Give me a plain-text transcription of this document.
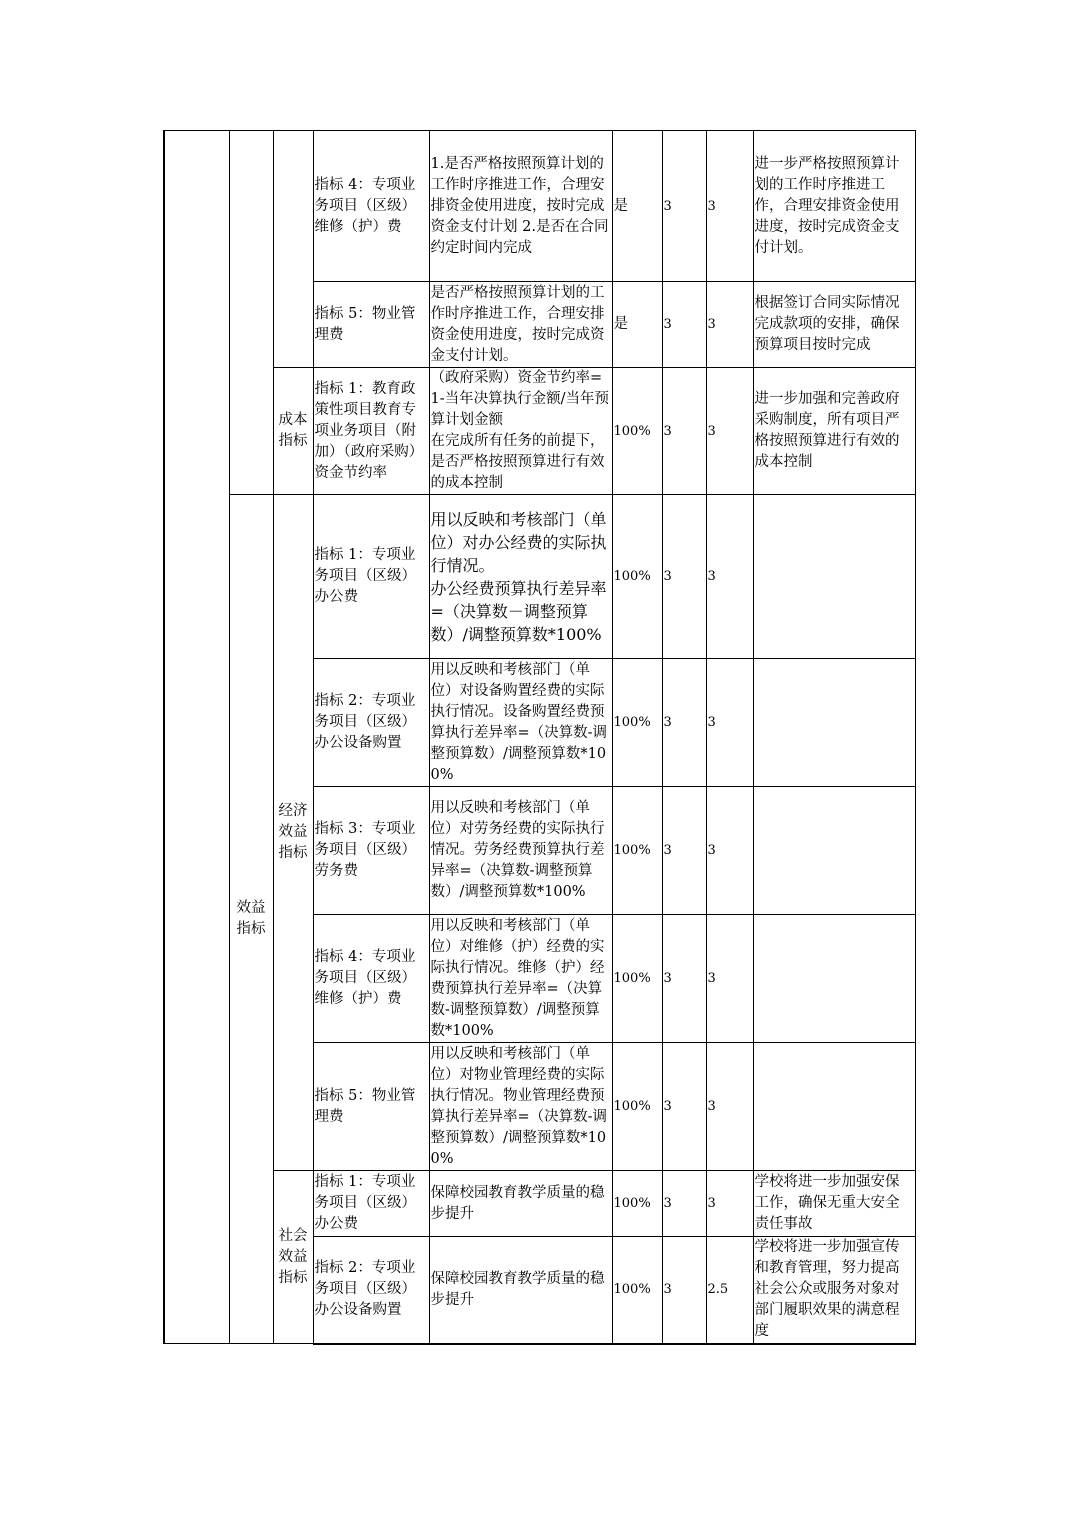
			指标 4：专项业务项目（区级）维修（护）费	1.是否严格按照预算计划的工作时序推进工作，合理安排资金使用进度，按时完成资金支付计划 2.是否在合同约定时间内完成	是	3	3	进一步严格按照预算计划的工作时序推进工作，合理安排资金使用进度，按时完成资金支付计划。
			指标 5：物业管理费	是否严格按照预算计划的工作时序推进工作，合理安排资金使用进度，按时完成资金支付计划。	是	3	3	根据签订合同实际情况完成款项的安排，确保预算项目按时完成
		成本指标	指标 1：教育政策性项目教育专项业务项目（附加）（政府采购）资金节约率	（政府采购）资金节约率=1-当年决算执行金额/当年预算计划金额
在完成所有任务的前提下，是否严格按照预算进行有效的成本控制	100%	3	3	进一步加强和完善政府采购制度，所有项目严格按照预算进行有效的成本控制
	效益指标	经济效益指标	指标 1：专项业务项目（区级）办公费	用以反映和考核部门（单位）对办公经费的实际执行情况。
办公经费预算执行差异率=（决算数－调整预算数）/调整预算数*100%	100%	3	3	
			指标 2：专项业务项目（区级）办公设备购置	用以反映和考核部门（单位）对设备购置经费的实际执行情况。设备购置经费预算执行差异率=（决算数-调整预算数）/调整预算数*100%	100%	3	3	
			指标 3：专项业务项目（区级）劳务费	用以反映和考核部门（单位）对劳务经费的实际执行情况。劳务经费预算执行差异率=（决算数-调整预算数）/调整预算数*100%	100%	3	3	
			指标 4：专项业务项目（区级）维修（护）费	用以反映和考核部门（单位）对维修（护）经费的实际执行情况。维修（护）经费预算执行差异率=（决算数-调整预算数）/调整预算数*100%	100%	3	3	
			指标 5：物业管理费	用以反映和考核部门（单位）对物业管理经费的实际执行情况。物业管理经费预算执行差异率=（决算数-调整预算数）/调整预算数*100%	100%	3	3	
		社会效益指标	指标 1：专项业务项目（区级）办公费	保障校园教育教学质量的稳步提升	100%	3	3	学校将进一步加强安保工作，确保无重大安全责任事故
			指标 2：专项业务项目（区级）办公设备购置	保障校园教育教学质量的稳步提升	100%	3	2.5	学校将进一步加强宣传和教育管理，努力提高社会公众或服务对象对部门履职效果的满意程度
